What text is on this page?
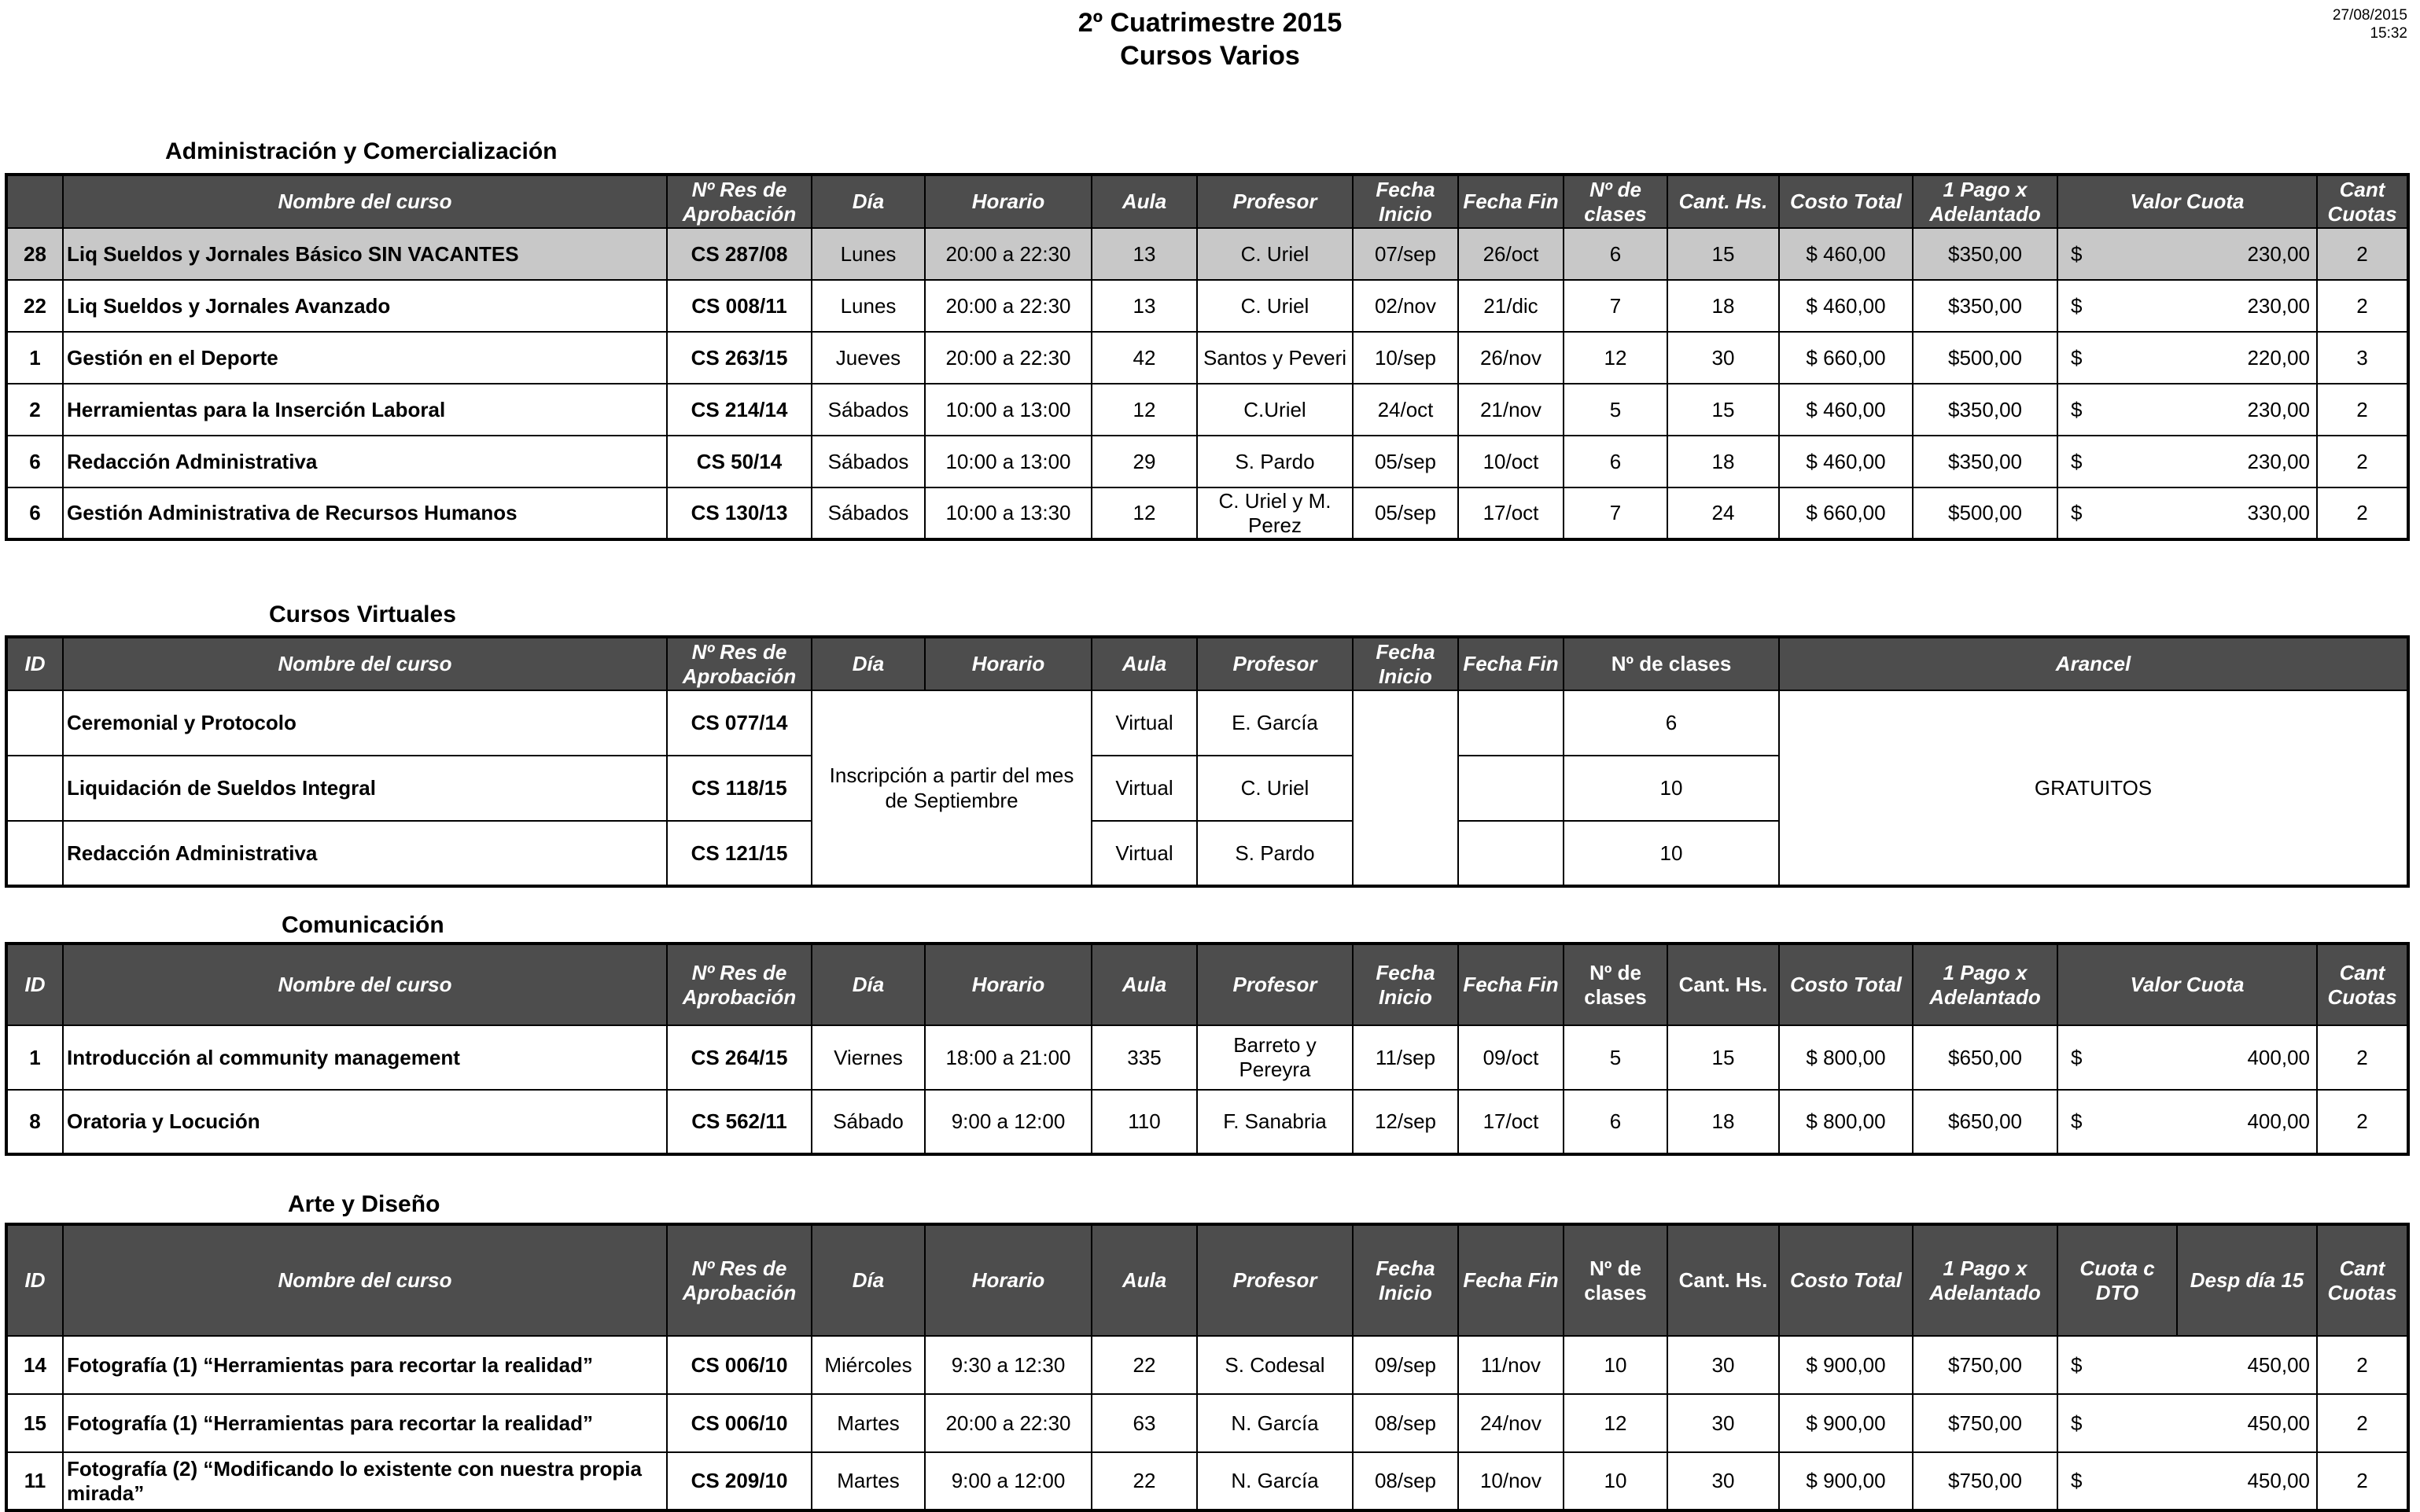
2º Cuatrimestre 2015
Cursos Varios
27/08/2015
15:32
Administración y Comercialización
	Nombre del curso	Nº Res de Aprobación	Día	Horario	Aula	Profesor	Fecha Inicio	Fecha Fin	Nº de clases	Cant. Hs.	Costo Total	1 Pago x Adelantado	Valor Cuota	Cant Cuotas
28	Liq Sueldos y Jornales Básico SIN VACANTES	CS 287/08	Lunes	20:00 a 22:30	13	C. Uriel	07/sep	26/oct	6	15	$ 460,00	$350,00	$ 230,00	2
22	Liq Sueldos y Jornales Avanzado	CS 008/11	Lunes	20:00 a 22:30	13	C. Uriel	02/nov	21/dic	7	18	$ 460,00	$350,00	$ 230,00	2
1	Gestión en el Deporte	CS 263/15	Jueves	20:00 a 22:30	42	Santos y Peveri	10/sep	26/nov	12	30	$ 660,00	$500,00	$ 220,00	3
2	Herramientas para la Inserción Laboral	CS 214/14	Sábados	10:00 a 13:00	12	C.Uriel	24/oct	21/nov	5	15	$ 460,00	$350,00	$ 230,00	2
6	Redacción Administrativa	CS 50/14	Sábados	10:00 a 13:00	29	S. Pardo	05/sep	10/oct	6	18	$ 460,00	$350,00	$ 230,00	2
6	Gestión Administrativa de Recursos Humanos	CS 130/13	Sábados	10:00 a 13:30	12	C. Uriel y M. Perez	05/sep	17/oct	7	24	$ 660,00	$500,00	$ 330,00	2
Cursos Virtuales
ID	Nombre del curso	Nº Res de Aprobación	Día	Horario	Aula	Profesor	Fecha Inicio	Fecha Fin	Nº de clases	Arancel
	Ceremonial y Protocolo	CS 077/14	Inscripción a partir del mes de Septiembre		Virtual	E. García			6	GRATUITOS
	Liquidación de Sueldos Integral	CS 118/15			Virtual	C. Uriel			10	
	Redacción Administrativa	CS 121/15			Virtual	S. Pardo			10	
Comunicación
ID	Nombre del curso	Nº Res de Aprobación	Día	Horario	Aula	Profesor	Fecha Inicio	Fecha Fin	Nº de clases	Cant. Hs.	Costo Total	1 Pago x Adelantado	Valor Cuota	Cant Cuotas
1	Introducción al community management	CS 264/15	Viernes	18:00 a 21:00	335	Barreto y Pereyra	11/sep	09/oct	5	15	$ 800,00	$650,00	$ 400,00	2
8	Oratoria y Locución	CS 562/11	Sábado	9:00 a 12:00	110	F. Sanabria	12/sep	17/oct	6	18	$ 800,00	$650,00	$ 400,00	2
Arte y Diseño
ID	Nombre del curso	Nº Res de Aprobación	Día	Horario	Aula	Profesor	Fecha Inicio	Fecha Fin	Nº de clases	Cant. Hs.	Costo Total	1 Pago x Adelantado	Cuota c DTO	Desp día 15	Cant Cuotas
14	Fotografía (1) “Herramientas para recortar la realidad”	CS 006/10	Miércoles	9:30 a 12:30	22	S. Codesal	09/sep	11/nov	10	30	$ 900,00	$750,00	$ 450,00		2
15	Fotografía (1) “Herramientas para recortar la realidad”	CS 006/10	Martes	20:00 a 22:30	63	N. García	08/sep	24/nov	12	30	$ 900,00	$750,00	$ 450,00		2
11	Fotografía (2) “Modificando lo existente con nuestra propia mirada”	CS 209/10	Martes	9:00 a 12:00	22	N. García	08/sep	10/nov	10	30	$ 900,00	$750,00	$ 450,00		2
